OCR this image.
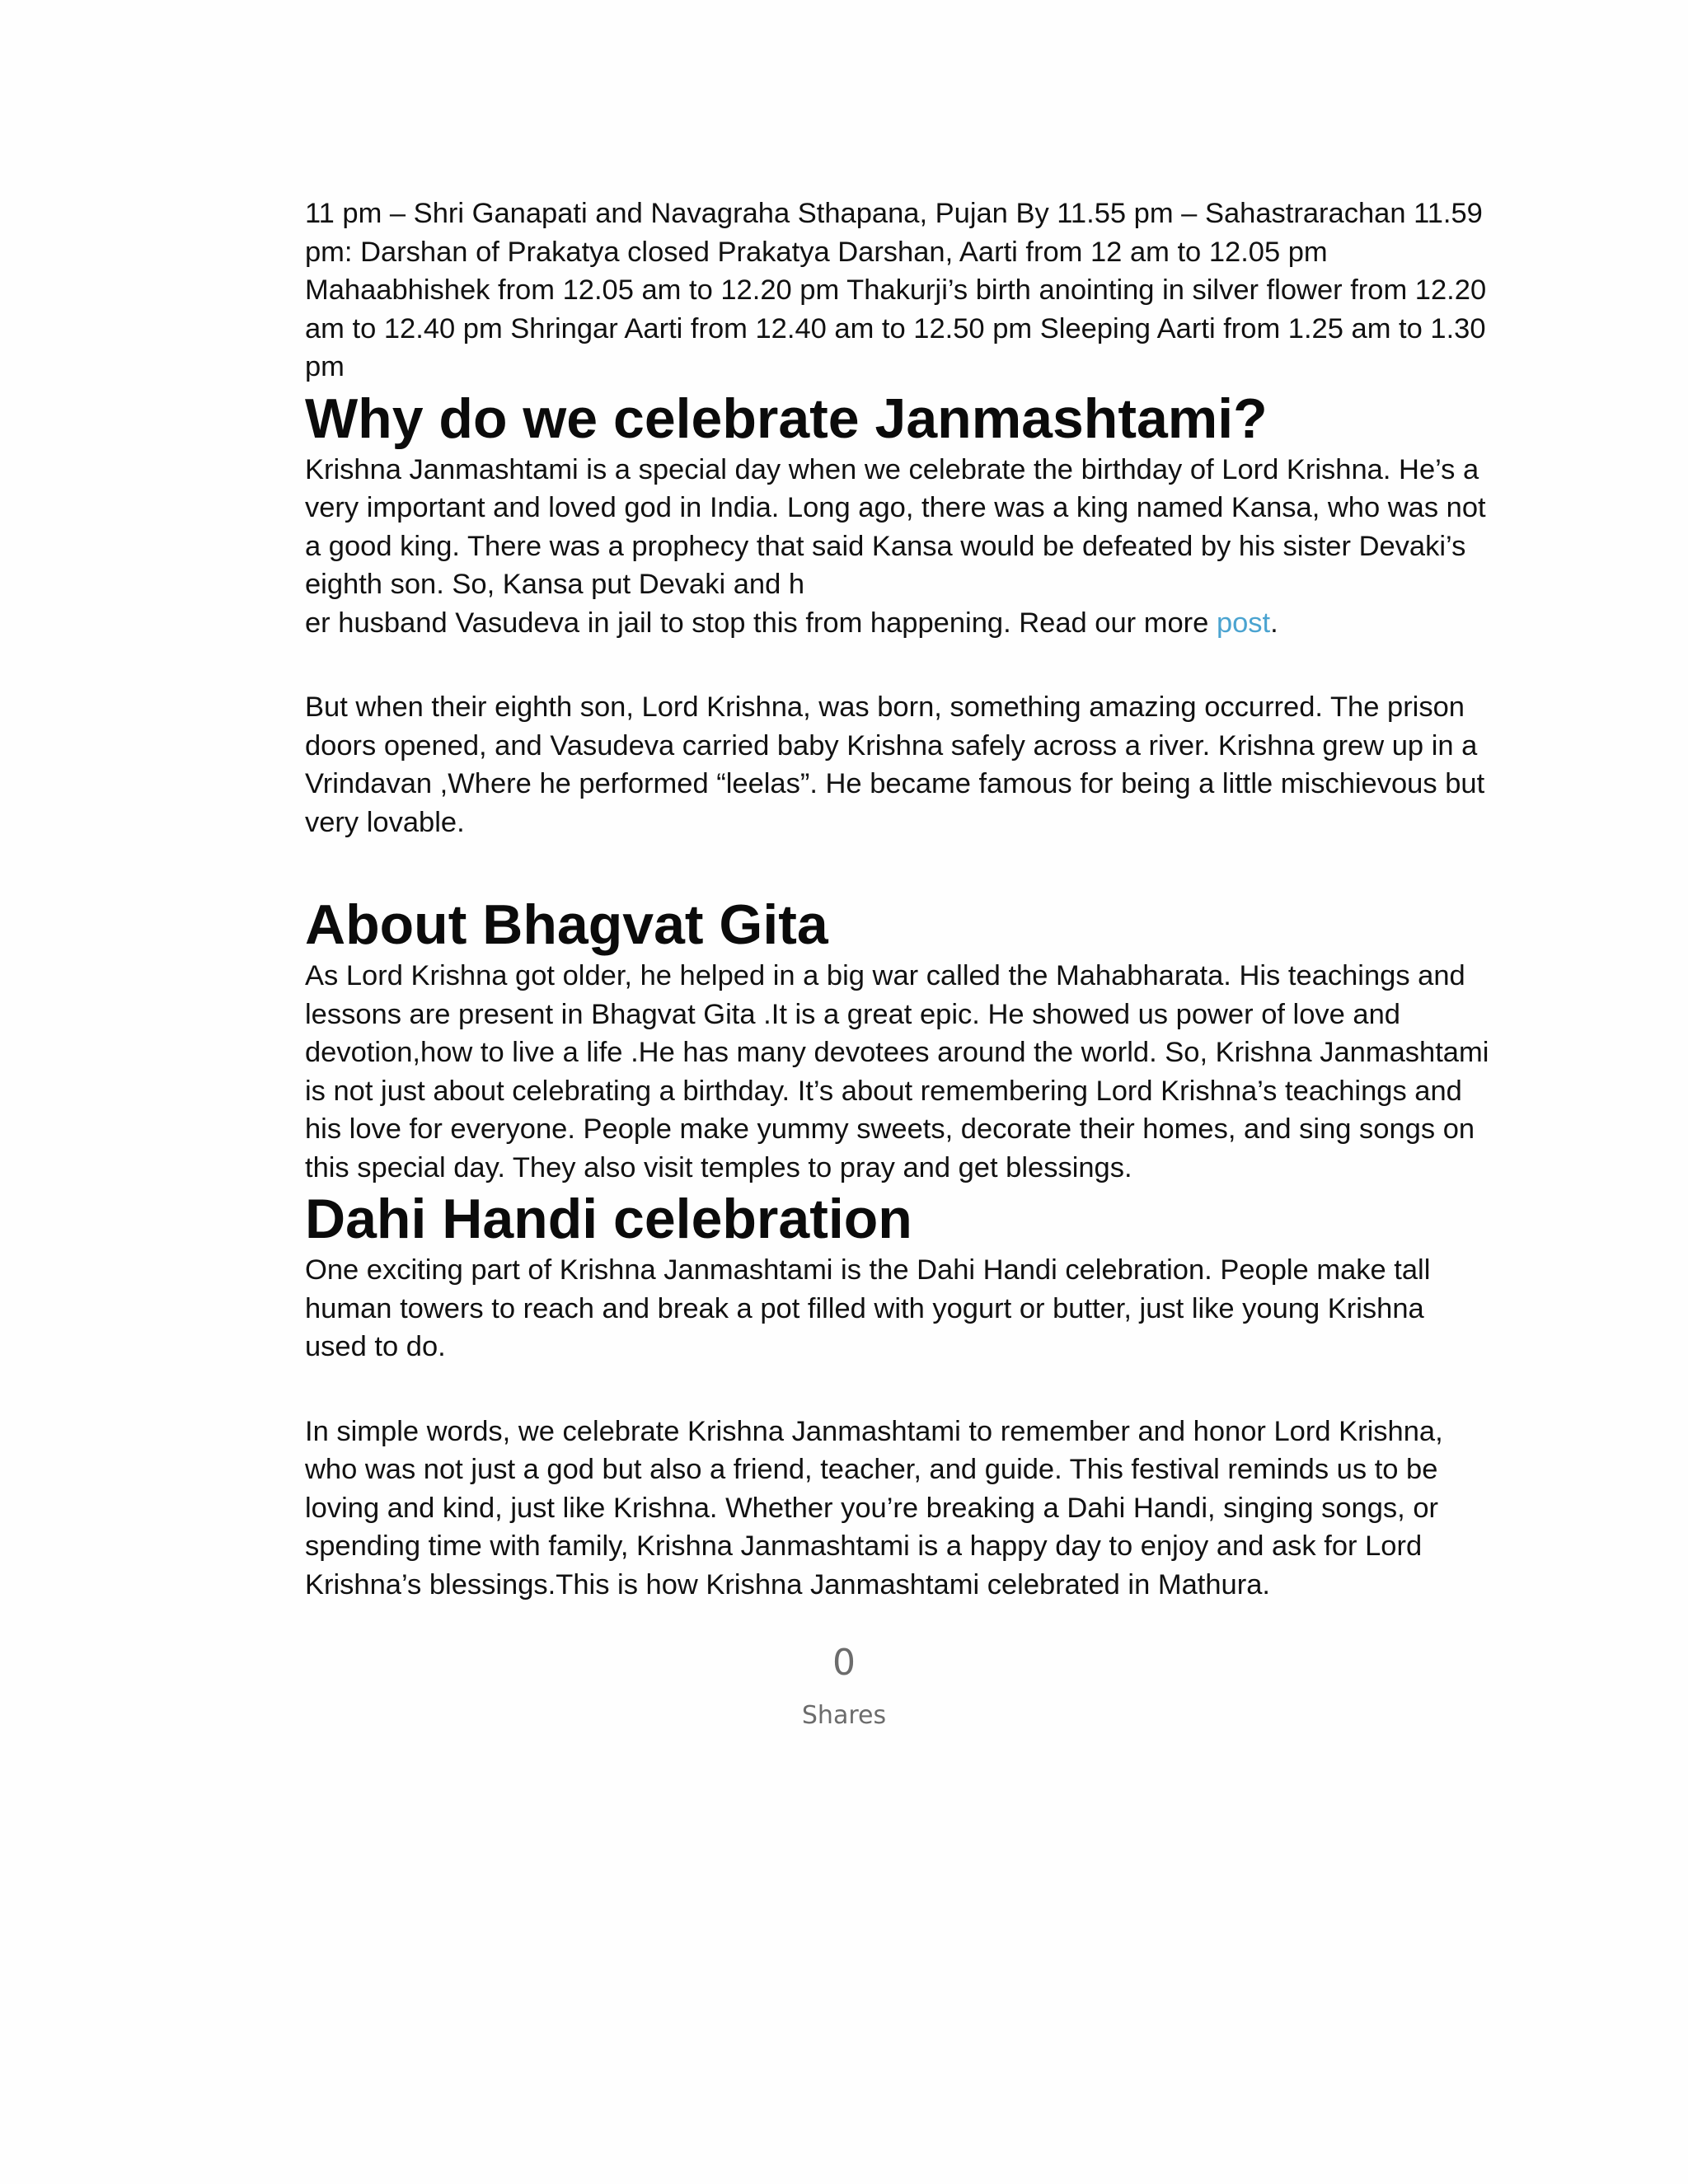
11 pm – Shri Ganapati and Navagraha Sthapana, Pujan By 11.55 pm – Sahastrarachan 11.59 pm: Darshan of Prakatya closed Prakatya Darshan, Aarti from 12 am to 12.05 pm Mahaabhishek from 12.05 am to 12.20 pm Thakurji’s birth anointing in silver flower from 12.20 am to 12.40 pm Shringar Aarti from 12.40 am to 12.50 pm Sleeping Aarti from 1.25 am to 1.30 pm

Why do we celebrate Janmashtami?

Krishna Janmashtami is a special day when we celebrate the birthday of Lord Krishna. He’s a very important and loved god in India. Long ago, there was a king named Kansa, who was not a good king. There was a prophecy that said Kansa would be defeated by his sister Devaki’s eighth son. So, Kansa put Devaki and h
er husband Vasudeva in jail to stop this from happening. Read our more post.

But when their eighth son, Lord Krishna, was born, something amazing occurred. The prison doors opened, and Vasudeva carried baby Krishna safely across a river. Krishna grew up in a Vrindavan ,Where he performed “leelas”. He became famous for being a little mischievous but very lovable.

About Bhagvat Gita

As Lord Krishna got older, he helped in a big war called the Mahabharata. His teachings and lessons are present in Bhagvat Gita .It is a great epic. He showed us power of love and devotion,how to live a life .He has many devotees around the world. So, Krishna Janmashtami is not just about celebrating a birthday. It’s about remembering Lord Krishna’s teachings and his love for everyone. People make yummy sweets, decorate their homes, and sing songs on this special day. They also visit temples to pray and get blessings.

Dahi Handi celebration

One exciting part of Krishna Janmashtami is the Dahi Handi celebration. People make tall human towers to reach and break a pot filled with yogurt or butter, just like young Krishna used to do.

In simple words, we celebrate Krishna Janmashtami to remember and honor Lord Krishna, who was not just a god but also a friend, teacher, and guide. This festival reminds us to be loving and kind, just like Krishna. Whether you’re breaking a Dahi Handi, singing songs, or spending time with family, Krishna Janmashtami is a happy day to enjoy and ask for Lord Krishna’s blessings.This is how Krishna Janmashtami celebrated in Mathura.

0
Shares
